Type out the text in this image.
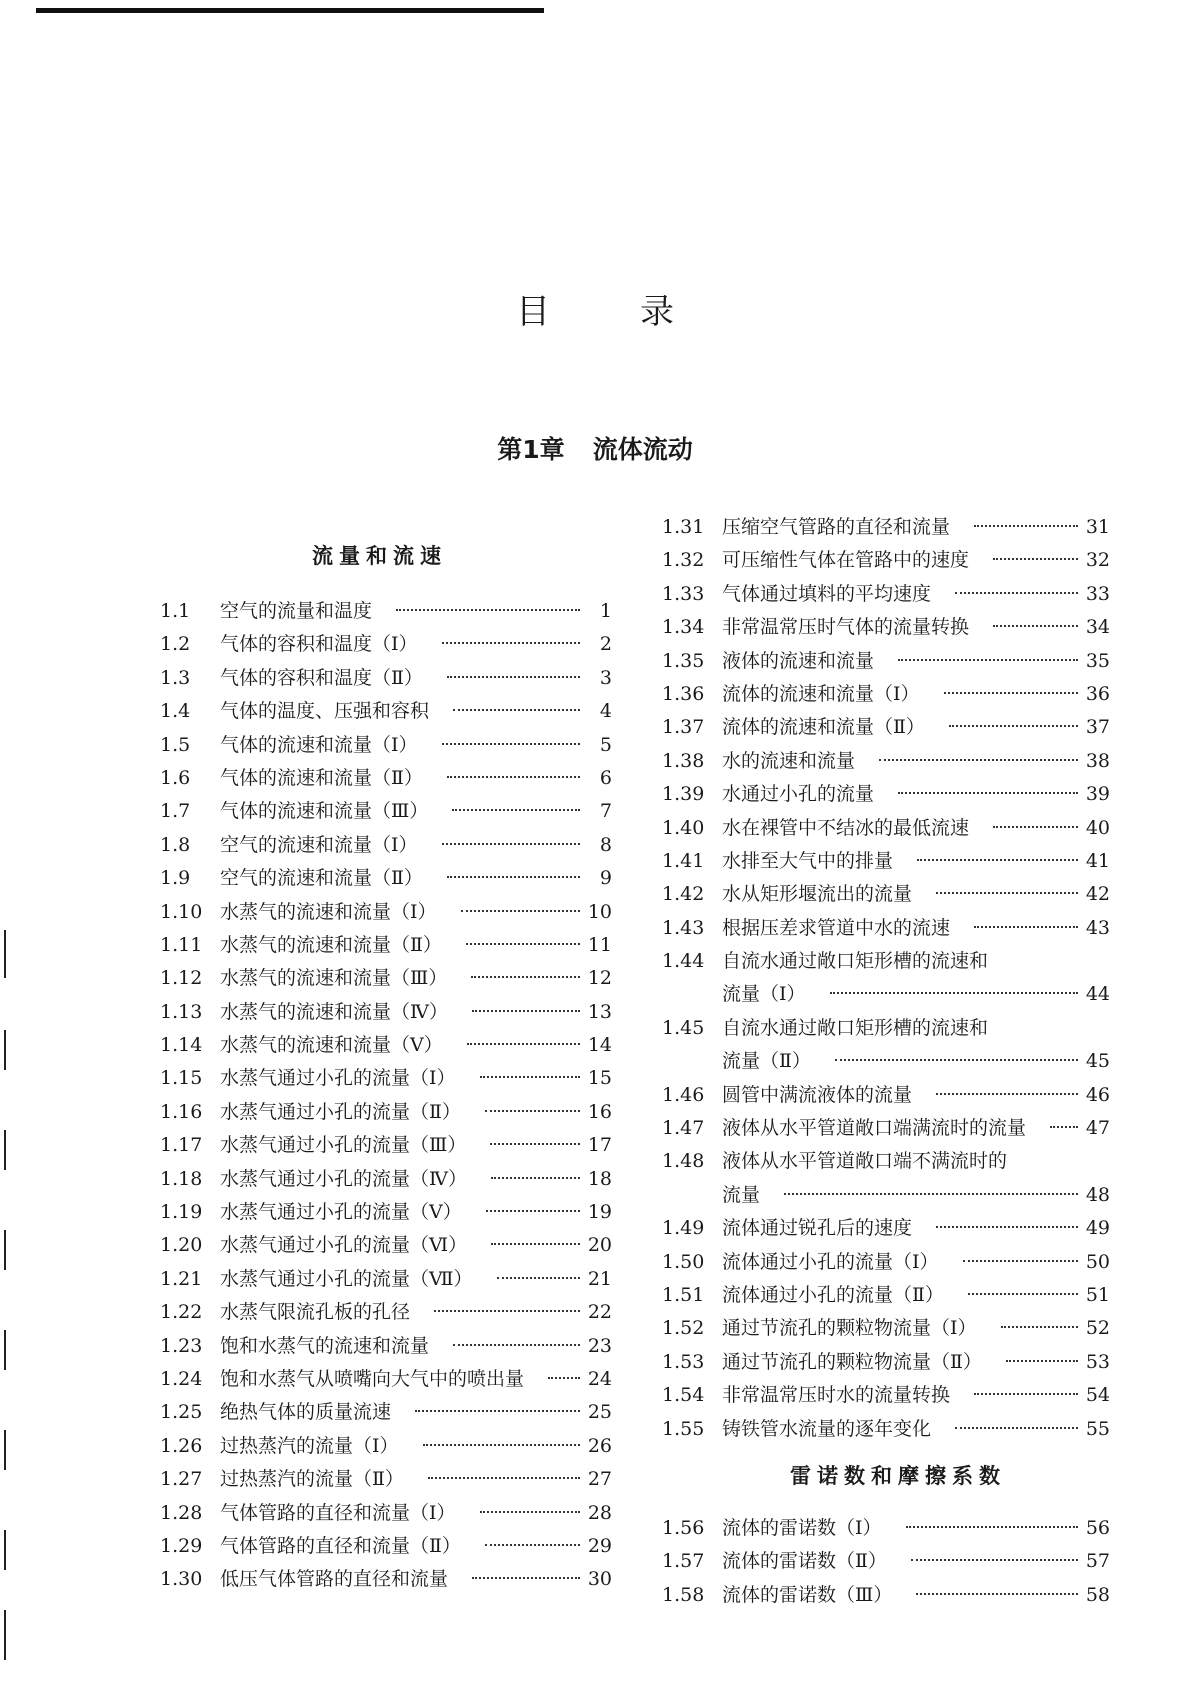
目录
第1章 流体流动
流量和流速
1.1	空气的流量和温度	1
1.2	气体的容积和温度（Ⅰ）	2
1.3	气体的容积和温度（Ⅱ）	3
1.4	气体的温度、压强和容积	4
1.5	气体的流速和流量（Ⅰ）	5
1.6	气体的流速和流量（Ⅱ）	6
1.7	气体的流速和流量（Ⅲ）	7
1.8	空气的流速和流量（Ⅰ）	8
1.9	空气的流速和流量（Ⅱ）	9
1.10 水蒸气的流速和流量（Ⅰ）	10
1.11 水蒸气的流速和流量（Ⅱ）	11
1.12 水蒸气的流速和流量（Ⅲ）	12
1.13 水蒸气的流速和流量（Ⅳ）	13
1.14 水蒸气的流速和流量（Ⅴ）	14
1.15 水蒸气通过小孔的流量（Ⅰ）	15
1.16 水蒸气通过小孔的流量（Ⅱ）	16
1.17 水蒸气通过小孔的流量（Ⅲ）	17
1.18 水蒸气通过小孔的流量（Ⅳ）	18
1.19 水蒸气通过小孔的流量（Ⅴ）	19
1.20 水蒸气通过小孔的流量（Ⅵ）	20
1.21 水蒸气通过小孔的流量（Ⅶ）	21
1.22 水蒸气限流孔板的孔径	22
1.23 饱和水蒸气的流速和流量	23
1.24 饱和水蒸气从喷嘴向大气中的喷出量	24
1.25 绝热气体的质量流速	25
1.26 过热蒸汽的流量（Ⅰ）	26
1.27 过热蒸汽的流量（Ⅱ）	27
1.28 气体管路的直径和流量（Ⅰ）	28
1.29 气体管路的直径和流量（Ⅱ）	29
1.30 低压气体管路的直径和流量	30
1.31 压缩空气管路的直径和流量	31
1.32 可压缩性气体在管路中的速度	32
1.33 气体通过填料的平均速度	33
1.34 非常温常压时气体的流量转换	34
1.35 液体的流速和流量	35
1.36 流体的流速和流量（Ⅰ）	36
1.37 流体的流速和流量（Ⅱ）	37
1.38 水的流速和流量	38
1.39 水通过小孔的流量	39
1.40 水在裸管中不结冰的最低流速	40
1.41 水排至大气中的排量	41
1.42 水从矩形堰流出的流量	42
1.43 根据压差求管道中水的流速	43
1.44 自流水通过敞口矩形槽的流速和
流量（Ⅰ）	44
1.45 自流水通过敞口矩形槽的流速和
流量（Ⅱ）	45
1.46 圆管中满流液体的流量	46
1.47 液体从水平管道敞口端满流时的流量	47
1.48 液体从水平管道敞口端不满流时的
流量	48
1.49 流体通过锐孔后的速度	49
1.50 流体通过小孔的流量（Ⅰ）	50
1.51 流体通过小孔的流量（Ⅱ）	51
1.52 通过节流孔的颗粒物流量（Ⅰ）	52
1.53 通过节流孔的颗粒物流量（Ⅱ）	53
1.54 非常温常压时水的流量转换	54
1.55 铸铁管水流量的逐年变化	55
雷诺数和摩擦系数
1.56 流体的雷诺数（Ⅰ）	56
1.57 流体的雷诺数（Ⅱ）	57
1.58 流体的雷诺数（Ⅲ）	58
